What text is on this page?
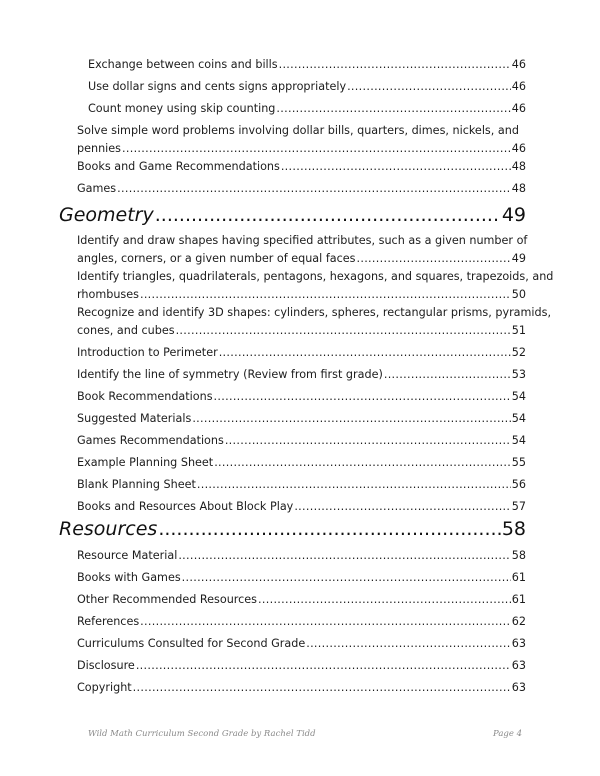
Exchange between coins and bills .....	46
Use dollar signs and cents signs appropriately .....	46
Count money using skip counting .....	46
Solve simple word problems involving dollar bills, quarters, dimes, nickels, and
pennies .....	46
Books and Game Recommendations .....	48
Games .....	48
Geometry .....	49
Identify and draw shapes having specified attributes, such as a given number of
angles, corners, or a given number of equal faces .....	49
Identify triangles, quadrilaterals, pentagons, hexagons, and squares, trapezoids, and
rhombuses .....	50
Recognize and identify 3D shapes: cylinders, spheres, rectangular prisms, pyramids,
cones, and cubes .....	51
Introduction to Perimeter .....	52
Identify the line of symmetry (Review from first grade) .....	53
Book Recommendations .....	54
Suggested Materials .....	54
Games Recommendations .....	54
Example Planning Sheet .....	55
Blank Planning Sheet .....	56
Books and Resources About Block Play .....	57
Resources .....	58
Resource Material .....	58
Books with Games .....	61
Other Recommended Resources .....	61
References .....	62
Curriculums Consulted for Second Grade .....	63
Disclosure .....	63
Copyright .....	63
Wild Math Curriculum Second Grade by Rachel Tidd	Page 4
